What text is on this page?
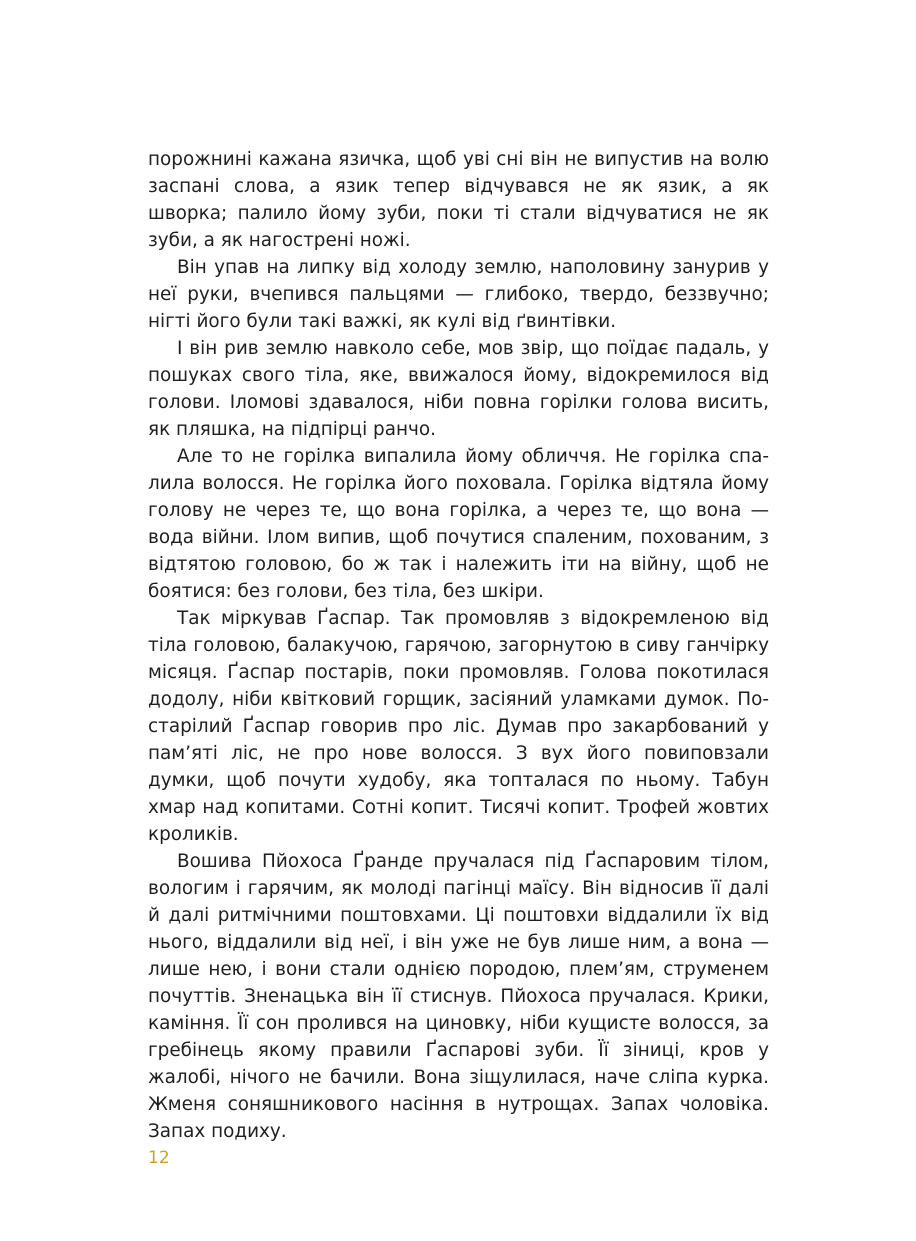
порожнині кажана язичка, щоб уві сні він не випустив на волю заспані слова, а язик тепер відчувався не як язик, а як шворка; палило йому зуби, поки ті стали відчуватися не як зуби, а як нагострені ножі.

Він упав на липку від холоду землю, наполовину занурив у неї руки, вчепився пальцями — глибоко, твердо, беззвучно; нігті його були такі важкі, як кулі від ґвинтівки.

І він рив землю навколо себе, мов звір, що поїдає падаль, у пошуках свого тіла, яке, ввижалося йому, відокремилося від голови. Іломові здавалося, ніби повна горілки голова висить, як пляшка, на підпірці ранчо.

Але то не горілка випалила йому обличчя. Не горілка спалила волосся. Не горілка його поховала. Горілка відтяла йому голову не через те, що вона горілка, а через те, що вона — вода війни. Ілом випив, щоб почутися спаленим, похованим, з відтятою головою, бо ж так і належить іти на війну, щоб не боятися: без голови, без тіла, без шкіри.

Так міркував Ґаспар. Так промовляв з відокремленою від тіла головою, балакучою, гарячою, загорнутою в сиву ганчірку місяця. Ґаспар постарів, поки промовляв. Голова покотилася додолу, ніби квітковий горщик, засіяний уламками думок. Постарілий Ґаспар говорив про ліс. Думав про закарбований у пам’яті ліс, не про нове волосся. З вух його повиповзали думки, щоб почути худобу, яка топталася по ньому. Табун хмар над копитами. Сотні копит. Тисячі копит. Трофей жовтих кроликів.

Вошива Пйохоса Ґранде пручалася під Ґаспаровим тілом, вологим і гарячим, як молоді пагінці маїсу. Він відносив її далі й далі ритмічними поштовхами. Ці поштовхи віддалили їх від нього, віддалили від неї, і він уже не був лише ним, а вона — лише нею, і вони стали однією породою, плем’ям, струменем почуттів. Зненацька він її стиснув. Пйохоса пручалася. Крики, каміння. Її сон пролився на циновку, ніби кущисте волосся, за гребінець якому правили Ґаспарові зуби. Її зіниці, кров у жалобі, нічого не бачили. Вона зіщулилася, наче сліпа курка. Жменя соняшникового насіння в нутрощах. Запах чоловіка. Запах подиху.

12
